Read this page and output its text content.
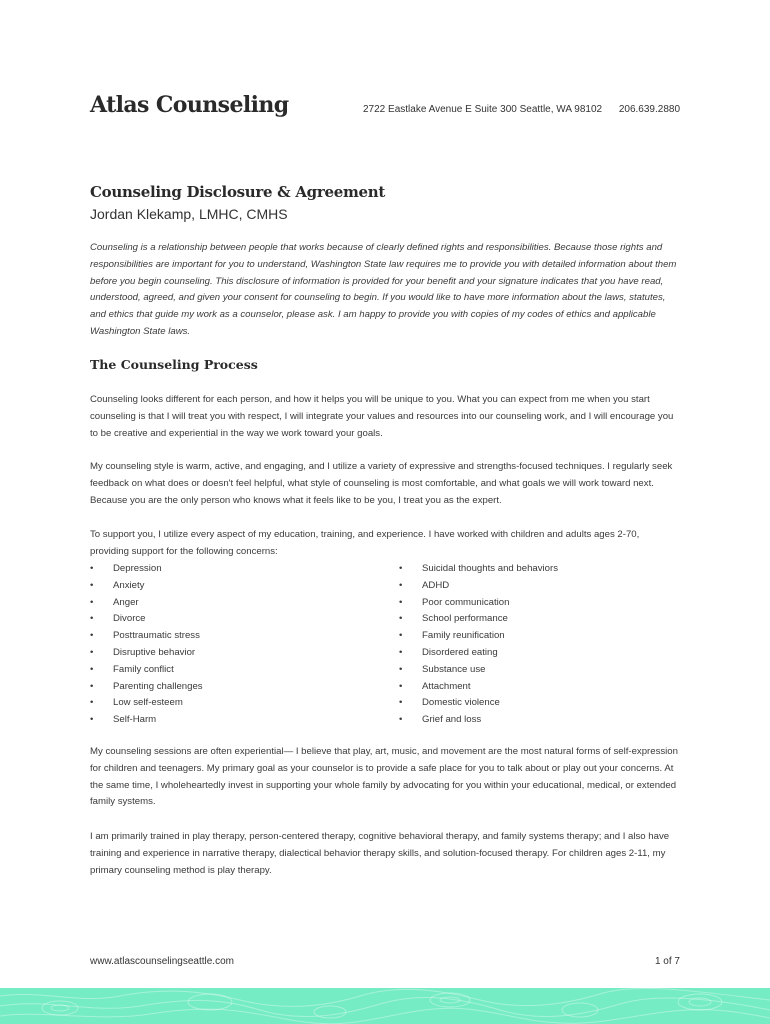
Atlas Counseling	2722 Eastlake Avenue E Suite 300 Seattle, WA 98102 206.639.2880
Counseling Disclosure & Agreement
Jordan Klekamp, LMHC, CMHS

Counseling is a relationship between people that works because of clearly defined rights and responsibilities. Because those rights and responsibilities are important for you to understand, Washington State law requires me to provide you with detailed information about them before you begin counseling. This disclosure of information is provided for your benefit and your signature indicates that you have read, understood, agreed, and given your consent for counseling to begin. If you would like to have more information about the laws, statutes, and ethics that guide my work as a counselor, please ask. I am happy to provide you with copies of my codes of ethics and applicable Washington State laws.

The Counseling Process

Counseling looks different for each person, and how it helps you will be unique to you. What you can expect from me when you start counseling is that I will treat you with respect, I will integrate your values and resources into our counseling work, and I will encourage you to be creative and experiential in the way we work toward your goals.

My counseling style is warm, active, and engaging, and I utilize a variety of expressive and strengths-focused techniques. I regularly seek feedback on what does or doesn't feel helpful, what style of counseling is most comfortable, and what goals we will work toward next. Because you are the only person who knows what it feels like to be you, I treat you as the expert.

To support you, I utilize every aspect of my education, training, and experience. I have worked with children and adults ages 2-70, providing support for the following concerns:

• Depression
• Anxiety
• Anger
• Divorce
• Posttraumatic stress
• Disruptive behavior
• Family conflict
• Parenting challenges
• Low self-esteem
• Self-Harm
• Suicidal thoughts and behaviors
• ADHD
• Poor communication
• School performance
• Family reunification
• Disordered eating
• Substance use
• Attachment
• Domestic violence
• Grief and loss

My counseling sessions are often experiential— I believe that play, art, music, and movement are the most natural forms of self-expression for children and teenagers. My primary goal as your counselor is to provide a safe place for you to talk about or play out your concerns. At the same time, I wholeheartedly invest in supporting your whole family by advocating for you within your educational, medical, or extended family systems.

I am primarily trained in play therapy, person-centered therapy, cognitive behavioral therapy, and family systems therapy; and I also have training and experience in narrative therapy, dialectical behavior therapy skills, and solution-focused therapy. For children ages 2-11, my primary counseling method is play therapy.

www.atlascounselingseattle.com	1 of 7
